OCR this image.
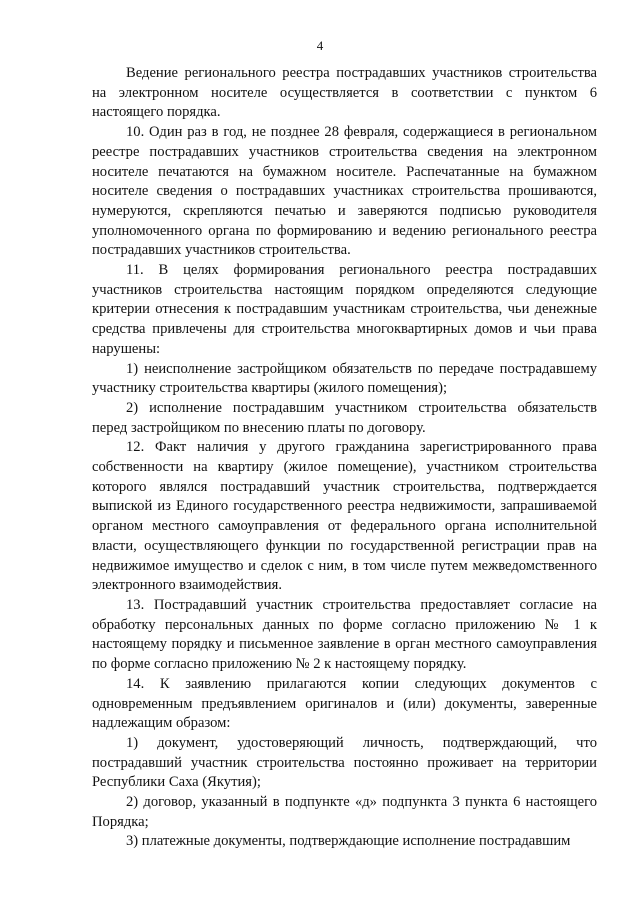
4

Ведение регионального реестра пострадавших участников строительства на электронном носителе осуществляется в соответствии с пунктом 6 настоящего порядка.

10. Один раз в год, не позднее 28 февраля, содержащиеся в региональном реестре пострадавших участников строительства сведения на электронном носителе печатаются на бумажном носителе. Распечатанные на бумажном носителе сведения о пострадавших участниках строительства прошиваются, нумеруются, скрепляются печатью и заверяются подписью руководителя уполномоченного органа по формированию и ведению регионального реестра пострадавших участников строительства.

11. В целях формирования регионального реестра пострадавших участников строительства настоящим порядком определяются следующие критерии отнесения к пострадавшим участникам строительства, чьи денежные средства привлечены для строительства многоквартирных домов и чьи права нарушены:

1) неисполнение застройщиком обязательств по передаче пострадавшему участнику строительства квартиры (жилого помещения);

2) исполнение пострадавшим участником строительства обязательств перед застройщиком по внесению платы по договору.

12. Факт наличия у другого гражданина зарегистрированного права собственности на квартиру (жилое помещение), участником строительства которого являлся пострадавший участник строительства, подтверждается выпиской из Единого государственного реестра недвижимости, запрашиваемой органом местного самоуправления от федерального органа исполнительной власти, осуществляющего функции по государственной регистрации прав на недвижимое имущество и сделок с ним, в том числе путем межведомственного электронного взаимодействия.

13. Пострадавший участник строительства предоставляет согласие на обработку персональных данных по форме согласно приложению № 1 к настоящему порядку и письменное заявление в орган местного самоуправления по форме согласно приложению № 2 к настоящему порядку.

14. К заявлению прилагаются копии следующих документов с одновременным предъявлением оригиналов и (или) документы, заверенные надлежащим образом:

1) документ, удостоверяющий личность, подтверждающий, что пострадавший участник строительства постоянно проживает на территории Республики Саха (Якутия);

2) договор, указанный в подпункте «д» подпункта 3 пункта 6 настоящего Порядка;

3) платежные документы, подтверждающие исполнение пострадавшим
